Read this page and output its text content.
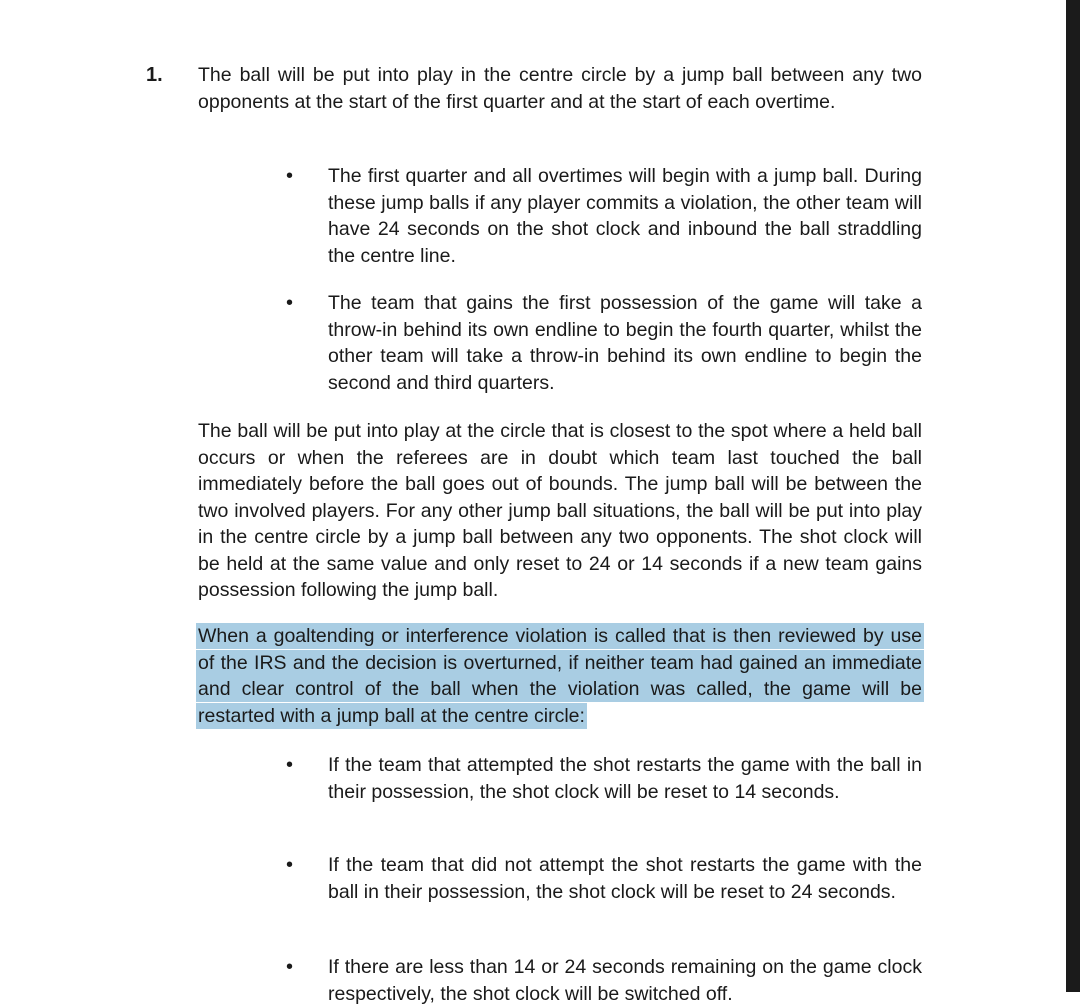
1. The ball will be put into play in the centre circle by a jump ball between any two opponents at the start of the first quarter and at the start of each overtime.

• The first quarter and all overtimes will begin with a jump ball. During these jump balls if any player commits a violation, the other team will have 24 seconds on the shot clock and inbound the ball straddling the centre line.

• The team that gains the first possession of the game will take a throw-in behind its own endline to begin the fourth quarter, whilst the other team will take a throw-in behind its own endline to begin the second and third quarters.

The ball will be put into play at the circle that is closest to the spot where a held ball occurs or when the referees are in doubt which team last touched the ball immediately before the ball goes out of bounds. The jump ball will be between the two involved players. For any other jump ball situations, the ball will be put into play in the centre circle by a jump ball between any two opponents. The shot clock will be held at the same value and only reset to 24 or 14 seconds if a new team gains possession following the jump ball.

When a goaltending or interference violation is called that is then reviewed by use of the IRS and the decision is overturned, if neither team had gained an immediate and clear control of the ball when the violation was called, the game will be restarted with a jump ball at the centre circle:

• If the team that attempted the shot restarts the game with the ball in their possession, the shot clock will be reset to 14 seconds.

• If the team that did not attempt the shot restarts the game with the ball in their possession, the shot clock will be reset to 24 seconds.

• If there are less than 14 or 24 seconds remaining on the game clock respectively, the shot clock will be switched off.
